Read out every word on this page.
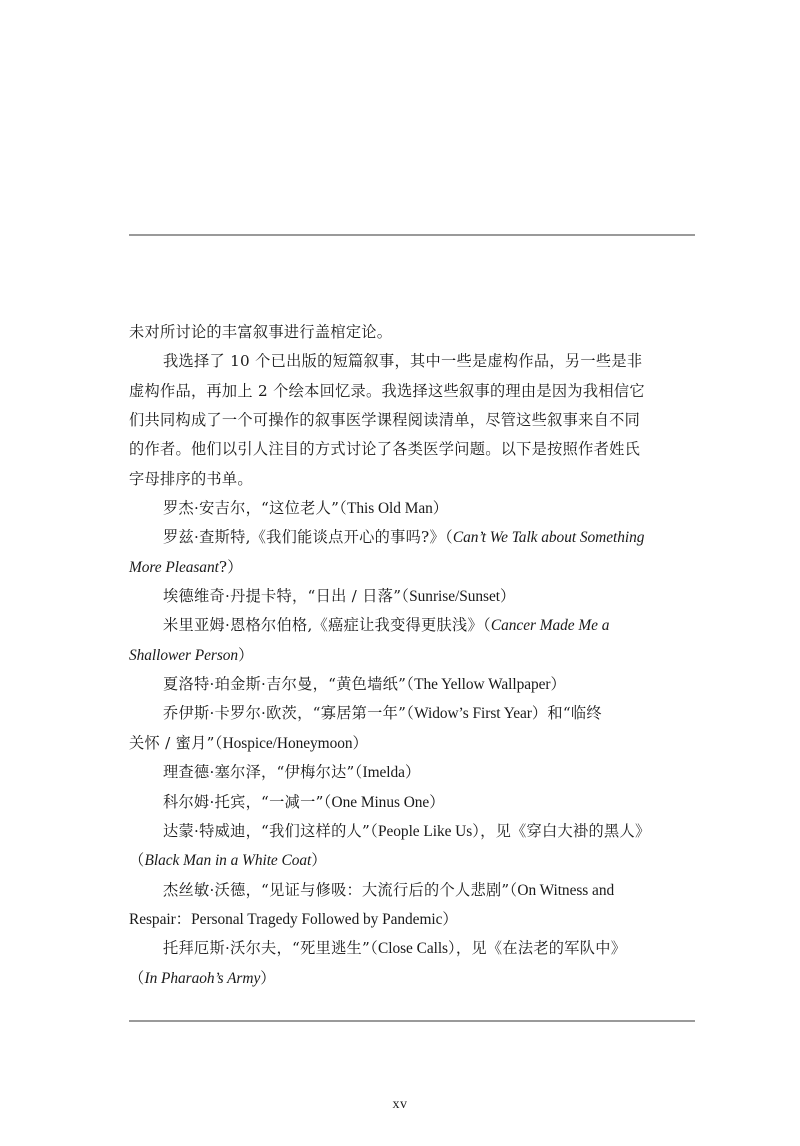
未对所讨论的丰富叙事进行盖棺定论。

我选择了 10 个已出版的短篇叙事，其中一些是虚构作品，另一些是非
虚构作品，再加上 2 个绘本回忆录。我选择这些叙事的理由是因为我相信它
们共同构成了一个可操作的叙事医学课程阅读清单，尽管这些叙事来自不同
的作者。他们以引人注目的方式讨论了各类医学问题。以下是按照作者姓氏
字母排序的书单。

罗杰·安吉尔，“这位老人”（This Old Man）

罗兹·查斯特,《我们能谈点开心的事吗?》（Can’t We Talk about Something
More Pleasant?）

埃德维奇·丹提卡特，“日出 / 日落”（Sunrise/Sunset）

米里亚姆·恩格尔伯格,《癌症让我变得更肤浅》（Cancer Made Me a
Shallower Person）

夏洛特·珀金斯·吉尔曼，“黄色墙纸”（The Yellow Wallpaper）

乔伊斯·卡罗尔·欧茨，“寡居第一年”（Widow’s First Year）和“临终
关怀 / 蜜月”（Hospice/Honeymoon）

理查德·塞尔泽，“伊梅尔达”（Imelda）

科尔姆·托宾，“一减一”（One Minus One）

达蒙·特威迪，“我们这样的人”（People Like Us），见《穿白大褂的黑人》
（Black Man in a White Coat）

杰丝敏·沃德，“见证与修吸：大流行后的个人悲剧”（On Witness and
Respair：Personal Tragedy Followed by Pandemic）

托拜厄斯·沃尔夫，“死里逃生”（Close Calls），见《在法老的军队中》
（In Pharaoh’s Army）

xv
